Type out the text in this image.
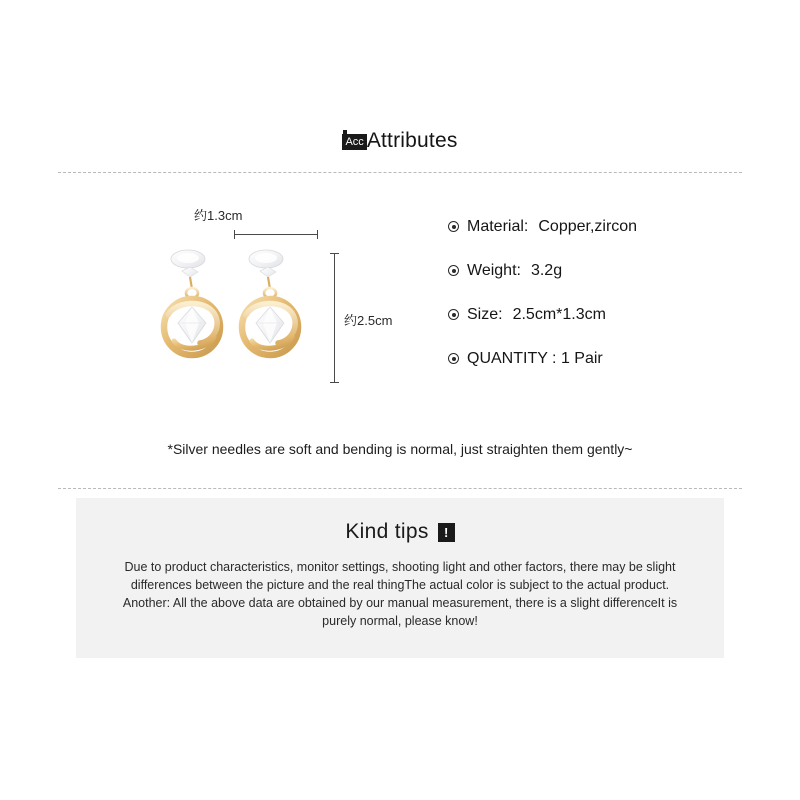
Acc Attributes
约1.3cm
约2.5cm
Material: Copper,zircon
Weight: 3.2g
Size: 2.5cm*1.3cm
QUANTITY : 1 Pair
*Silver needles are soft and bending is normal, just straighten them gently~
Kind tips	!
Due to product characteristics, monitor settings, shooting light and other factors, there may be slight differences between the picture and the real thingThe actual color is subject to the actual product. Another: All the above data are obtained by our manual measurement, there is a slight differenceIt is purely normal, please know!
